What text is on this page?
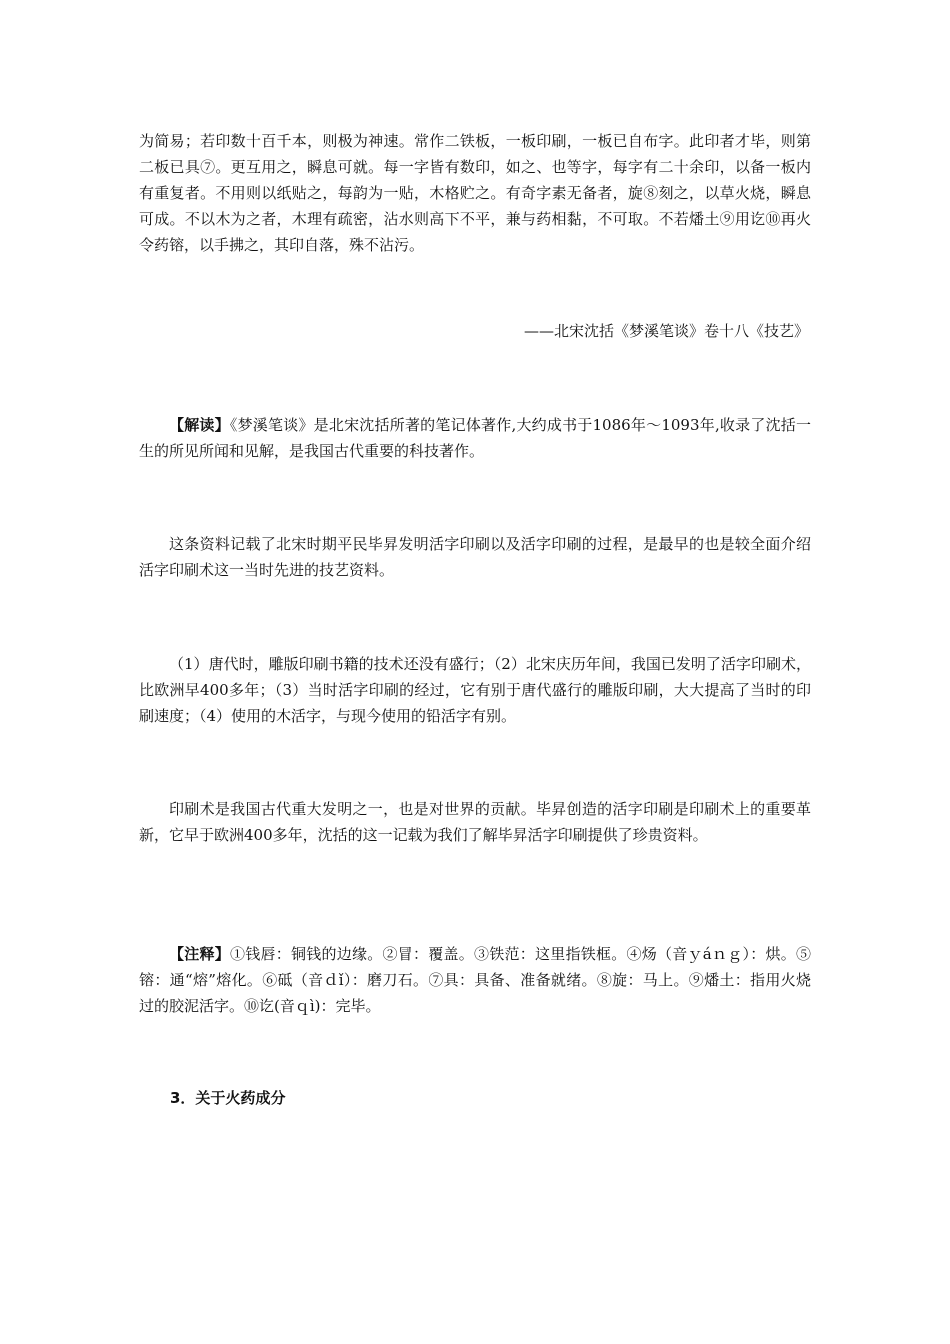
为简易；若印数十百千本，则极为神速。常作二铁板，一板印刷，一板已自布字。此印者才毕，则第二板已具⑦。更互用之，瞬息可就。每一字皆有数印，如之、也等字，每字有二十余印，以备一板内有重复者。不用则以纸贴之，每韵为一贴，木格贮之。有奇字素无备者，旋⑧刻之，以草火烧，瞬息可成。不以木为之者，木理有疏密，沾水则高下不平，兼与药相黏，不可取。不若燔土⑨用讫⑩再火令药镕，以手拂之，其印自落，殊不沾污。

——北宋沈括《梦溪笔谈》卷十八《技艺》

【解读】《梦溪笔谈》是北宋沈括所著的笔记体著作,大约成书于1086年～1093年,收录了沈括一生的所见所闻和见解，是我国古代重要的科技著作。

这条资料记载了北宋时期平民毕昇发明活字印刷以及活字印刷的过程，是最早的也是较全面介绍活字印刷术这一当时先进的技艺资料。

（1）唐代时，雕版印刷书籍的技术还没有盛行；（2）北宋庆历年间，我国已发明了活字印刷术，比欧洲早400多年；（3）当时活字印刷的经过，它有别于唐代盛行的雕版印刷，大大提高了当时的印刷速度；（4）使用的木活字，与现今使用的铅活字有别。

印刷术是我国古代重大发明之一，也是对世界的贡献。毕昇创造的活字印刷是印刷术上的重要革新，它早于欧洲400多年，沈括的这一记载为我们了解毕昇活字印刷提供了珍贵资料。

【注释】①钱唇：铜钱的边缘。②冒：覆盖。③铁范：这里指铁框。④炀（音ｙáｎｇ）：烘。⑤镕：通“熔”熔化。⑥砥（音ｄǐ）：磨刀石。⑦具：具备、准备就绪。⑧旋：马上。⑨燔土：指用火烧过的胶泥活字。⑩讫(音ｑì)：完毕。

3．关于火药成分
